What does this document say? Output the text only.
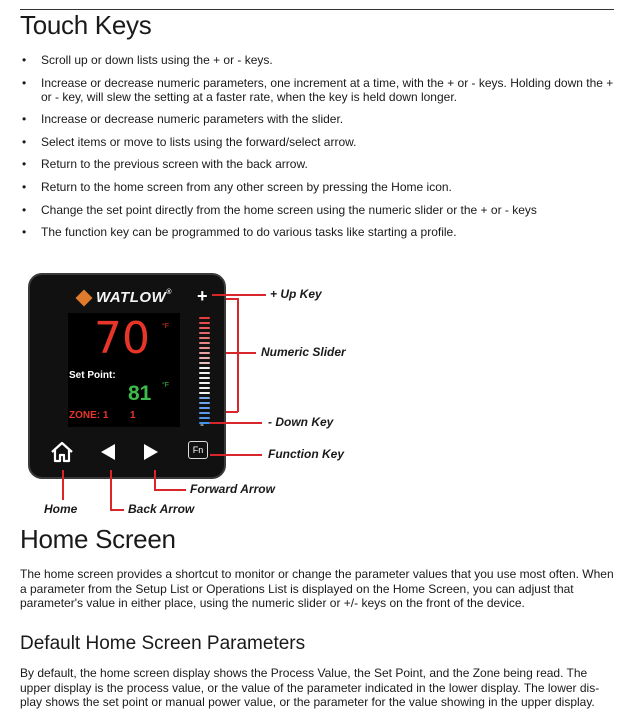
Touch Keys
• Scroll up or down lists using the + or - keys.
• Increase or decrease numeric parameters, one increment at a time, with the + or - keys. Holding down the + or - key, will slew the setting at a faster rate, when the key is held down longer.
• Increase or decrease numeric parameters with the slider.
• Select items or move to lists using the forward/select arrow.
• Return to the previous screen with the back arrow.
• Return to the home screen from any other screen by pressing the Home icon.
• Change the set point directly from the home screen using the numeric slider or the + or - keys
• The function key can be programmed to do various tasks like starting a profile.
WATLOW®
70 °F
Set Point:
81 °F
ZONE: 1 1
+
-
Fn
+ Up Key
Numeric Slider
- Down Key
Function Key
Forward Arrow
Back Arrow
Home
Home Screen

The home screen provides a shortcut to monitor or change the parameter values that you use most often. When a parameter from the Setup List or Operations List is displayed on the Home Screen, you can adjust that parameter's value in either place, using the numeric slider or +/- keys on the front of the device.

Default Home Screen Parameters

By default, the home screen display shows the Process Value, the Set Point, and the Zone being read. The upper display is the process value, or the value of the parameter indicated in the lower display. The lower dis-play shows the set point or manual power value, or the parameter for the value showing in the upper display.
